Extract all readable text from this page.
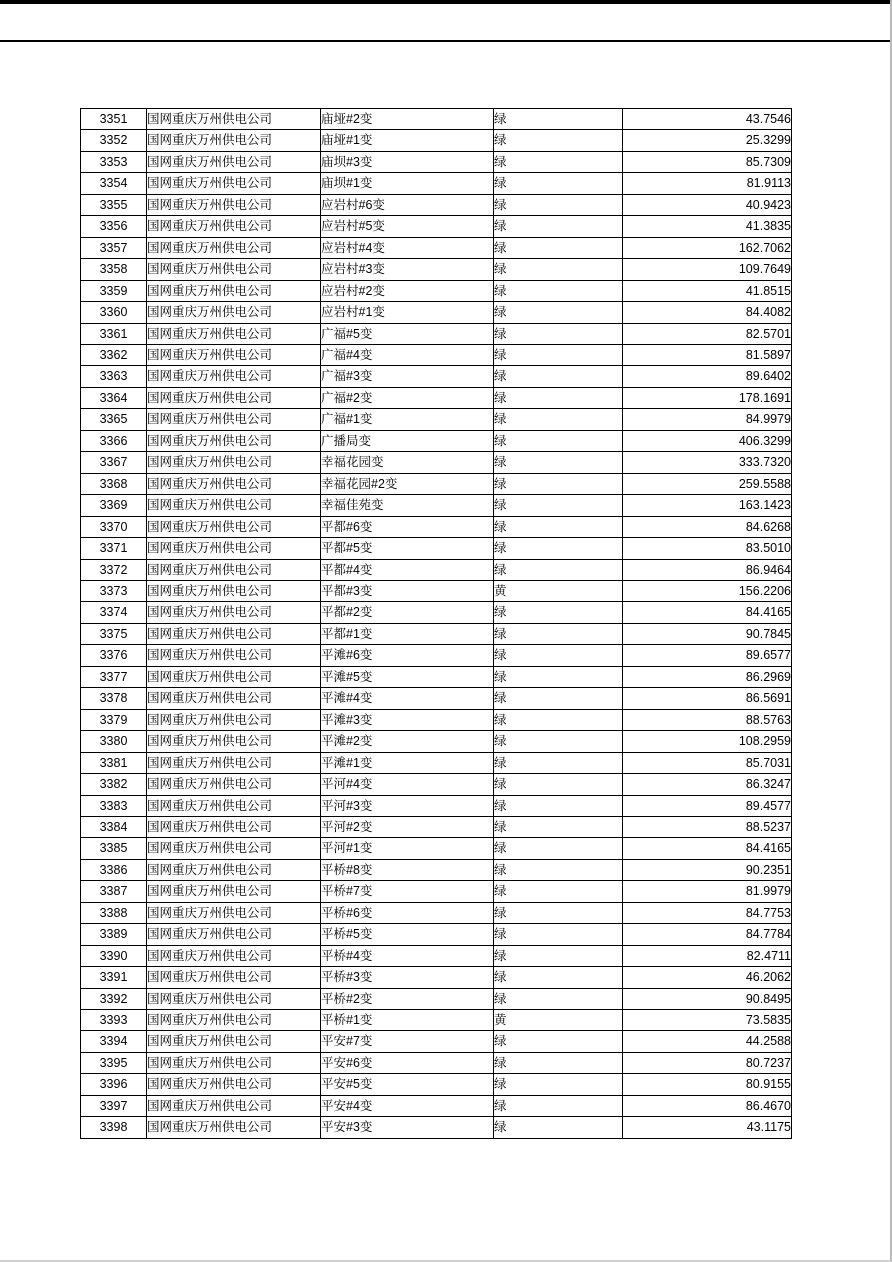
3351	国网重庆万州供电公司	庙垭#2变	绿	43.7546
3352	国网重庆万州供电公司	庙垭#1变	绿	25.3299
3353	国网重庆万州供电公司	庙坝#3变	绿	85.7309
3354	国网重庆万州供电公司	庙坝#1变	绿	81.9113
3355	国网重庆万州供电公司	应岩村#6变	绿	40.9423
3356	国网重庆万州供电公司	应岩村#5变	绿	41.3835
3357	国网重庆万州供电公司	应岩村#4变	绿	162.7062
3358	国网重庆万州供电公司	应岩村#3变	绿	109.7649
3359	国网重庆万州供电公司	应岩村#2变	绿	41.8515
3360	国网重庆万州供电公司	应岩村#1变	绿	84.4082
3361	国网重庆万州供电公司	广福#5变	绿	82.5701
3362	国网重庆万州供电公司	广福#4变	绿	81.5897
3363	国网重庆万州供电公司	广福#3变	绿	89.6402
3364	国网重庆万州供电公司	广福#2变	绿	178.1691
3365	国网重庆万州供电公司	广福#1变	绿	84.9979
3366	国网重庆万州供电公司	广播局变	绿	406.3299
3367	国网重庆万州供电公司	幸福花园变	绿	333.7320
3368	国网重庆万州供电公司	幸福花园#2变	绿	259.5588
3369	国网重庆万州供电公司	幸福佳苑变	绿	163.1423
3370	国网重庆万州供电公司	平都#6变	绿	84.6268
3371	国网重庆万州供电公司	平都#5变	绿	83.5010
3372	国网重庆万州供电公司	平都#4变	绿	86.9464
3373	国网重庆万州供电公司	平都#3变	黄	156.2206
3374	国网重庆万州供电公司	平都#2变	绿	84.4165
3375	国网重庆万州供电公司	平都#1变	绿	90.7845
3376	国网重庆万州供电公司	平滩#6变	绿	89.6577
3377	国网重庆万州供电公司	平滩#5变	绿	86.2969
3378	国网重庆万州供电公司	平滩#4变	绿	86.5691
3379	国网重庆万州供电公司	平滩#3变	绿	88.5763
3380	国网重庆万州供电公司	平滩#2变	绿	108.2959
3381	国网重庆万州供电公司	平滩#1变	绿	85.7031
3382	国网重庆万州供电公司	平河#4变	绿	86.3247
3383	国网重庆万州供电公司	平河#3变	绿	89.4577
3384	国网重庆万州供电公司	平河#2变	绿	88.5237
3385	国网重庆万州供电公司	平河#1变	绿	84.4165
3386	国网重庆万州供电公司	平桥#8变	绿	90.2351
3387	国网重庆万州供电公司	平桥#7变	绿	81.9979
3388	国网重庆万州供电公司	平桥#6变	绿	84.7753
3389	国网重庆万州供电公司	平桥#5变	绿	84.7784
3390	国网重庆万州供电公司	平桥#4变	绿	82.4711
3391	国网重庆万州供电公司	平桥#3变	绿	46.2062
3392	国网重庆万州供电公司	平桥#2变	绿	90.8495
3393	国网重庆万州供电公司	平桥#1变	黄	73.5835
3394	国网重庆万州供电公司	平安#7变	绿	44.2588
3395	国网重庆万州供电公司	平安#6变	绿	80.7237
3396	国网重庆万州供电公司	平安#5变	绿	80.9155
3397	国网重庆万州供电公司	平安#4变	绿	86.4670
3398	国网重庆万州供电公司	平安#3变	绿	43.1175
